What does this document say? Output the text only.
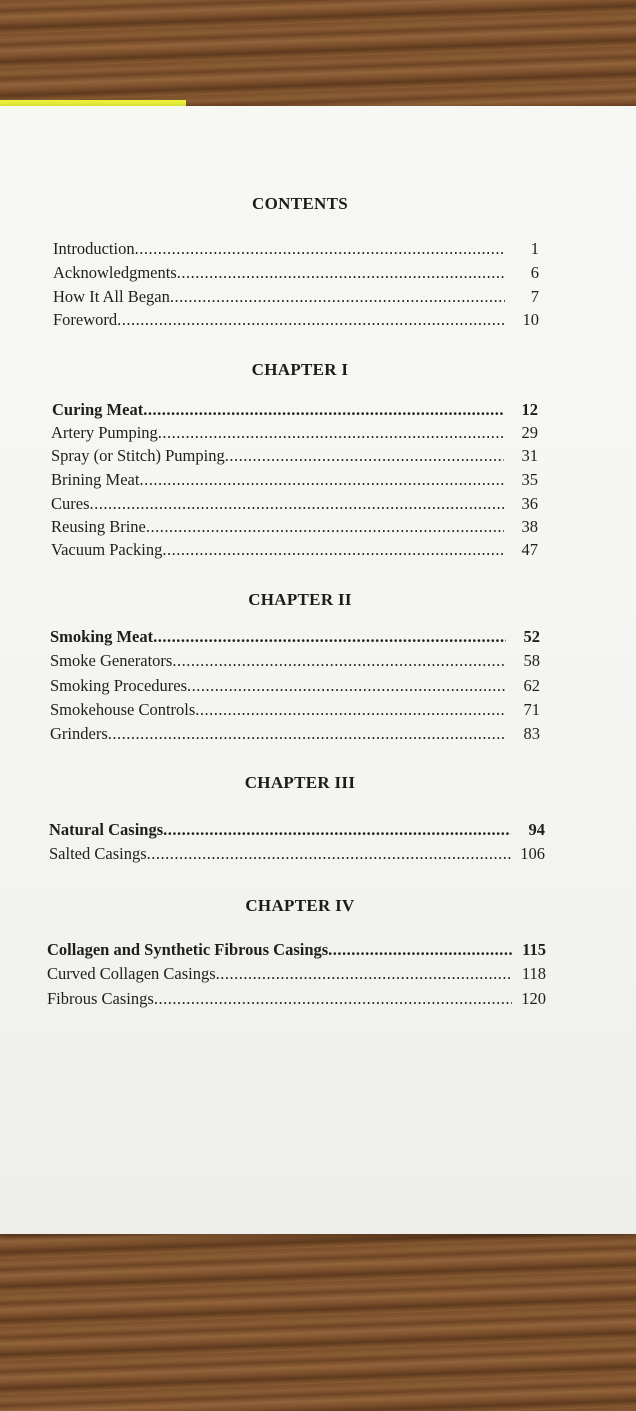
CONTENTS
Introduction .....	1
Acknowledgments .....	6
How It All Began .....	7
Foreword .....	10
CHAPTER I
Curing Meat .....	12
Artery Pumping .....	29
Spray (or Stitch) Pumping .....	31
Brining Meat .....	35
Cures .....	36
Reusing Brine .....	38
Vacuum Packing .....	47
CHAPTER II
Smoking Meat .....	52
Smoke Generators .....	58
Smoking Procedures .....	62
Smokehouse Controls .....	71
Grinders .....	83
CHAPTER III
Natural Casings .....	94
Salted Casings .....	106
CHAPTER IV
Collagen and Synthetic Fibrous Casings .....	115
Curved Collagen Casings .....	118
Fibrous Casings .....	120
